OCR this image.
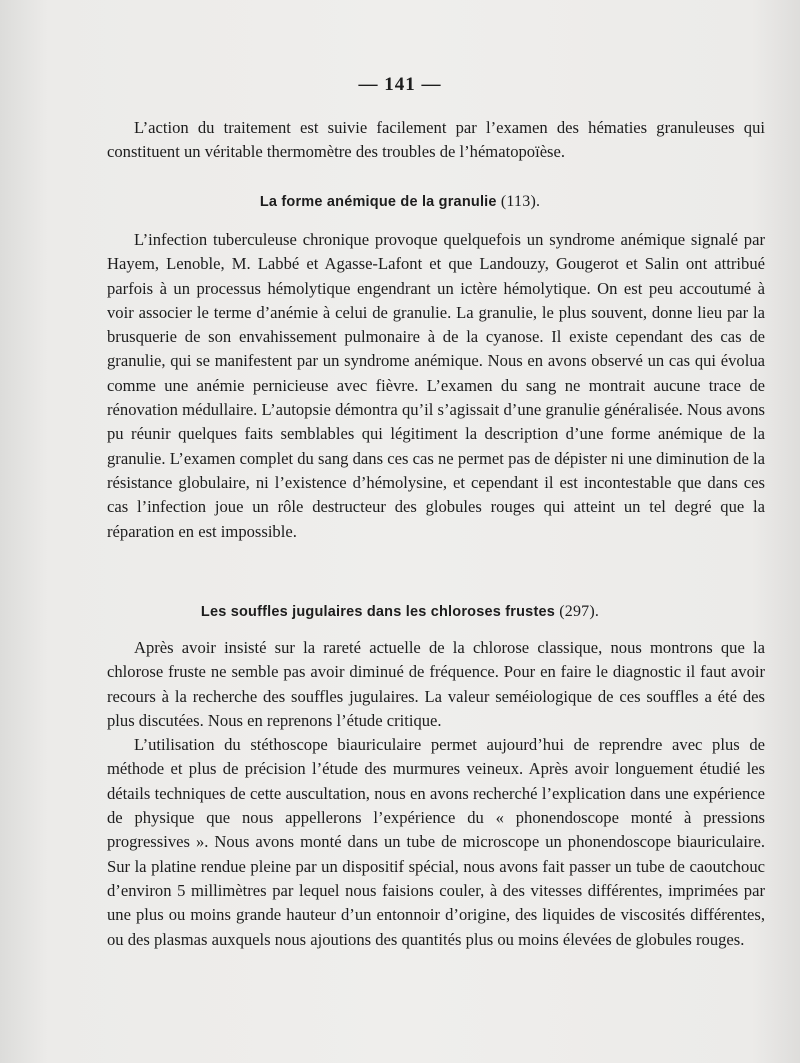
— 141 —

L’action du traitement est suivie facilement par l’examen des hématies granuleuses qui constituent un véritable thermomètre des troubles de l’hématopoïèse.

La forme anémique de la granulie (113).

L’infection tuberculeuse chronique provoque quelquefois un syndrome anémique signalé par Hayem, Lenoble, M. Labbé et Agasse-Lafont et que Landouzy, Gougerot et Salin ont attribué parfois à un processus hémolytique engendrant un ictère hémolytique. On est peu accoutumé à voir associer le terme d’anémie à celui de granulie. La granulie, le plus souvent, donne lieu par la brusquerie de son envahissement pulmonaire à de la cyanose. Il existe cependant des cas de granulie, qui se manifestent par un syndrome anémique. Nous en avons observé un cas qui évolua comme une anémie pernicieuse avec fièvre. L’examen du sang ne montrait aucune trace de rénovation médullaire. L’autopsie démontra qu’il s’agissait d’une granulie généralisée. Nous avons pu réunir quelques faits semblables qui légitiment la description d’une forme anémique de la granulie. L’examen complet du sang dans ces cas ne permet pas de dépister ni une diminution de la résistance globulaire, ni l’existence d’hémolysine, et cependant il est incontestable que dans ces cas l’infection joue un rôle destructeur des globules rouges qui atteint un tel degré que la réparation en est impossible.

Les souffles jugulaires dans les chloroses frustes (297).

Après avoir insisté sur la rareté actuelle de la chlorose classique, nous montrons que la chlorose fruste ne semble pas avoir diminué de fréquence. Pour en faire le diagnostic il faut avoir recours à la recherche des souffles jugulaires. La valeur seméiologique de ces souffles a été des plus discutées. Nous en reprenons l’étude critique.

L’utilisation du stéthoscope biauriculaire permet aujourd’hui de reprendre avec plus de méthode et plus de précision l’étude des murmures veineux. Après avoir longuement étudié les détails techniques de cette auscultation, nous en avons recherché l’explication dans une expérience de physique que nous appellerons l’expérience du « phonendoscope monté à pressions progressives ». Nous avons monté dans un tube de microscope un phonendoscope biauriculaire. Sur la platine rendue pleine par un dispositif spécial, nous avons fait passer un tube de caoutchouc d’environ 5 millimètres par lequel nous faisions couler, à des vitesses différentes, imprimées par une plus ou moins grande hauteur d’un entonnoir d’origine, des liquides de viscosités différentes, ou des plasmas auxquels nous ajoutions des quantités plus ou moins élevées de globules rouges.
